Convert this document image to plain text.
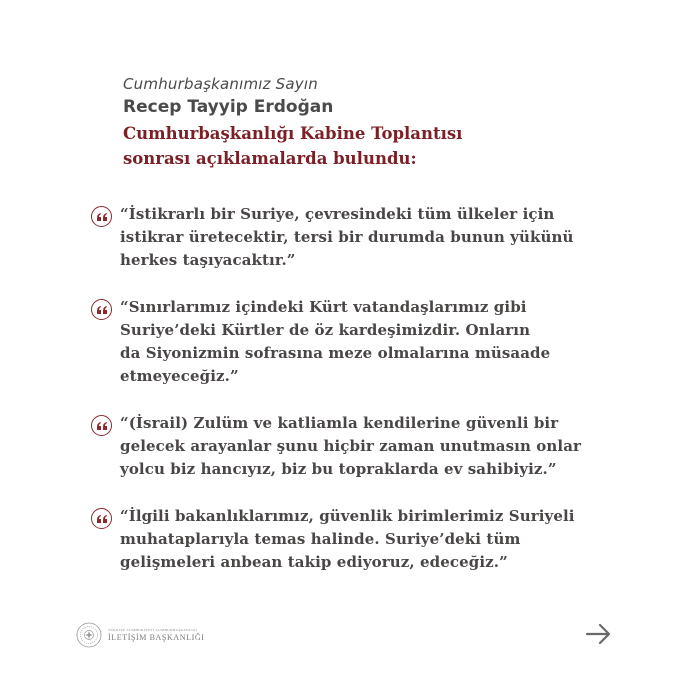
Cumhurbaşkanımız Sayın
Recep Tayyip Erdoğan
Cumhurbaşkanlığı Kabine Toplantısı sonrası açıklamalarda bulundu:
“İstikrarlı bir Suriye, çevresindeki tüm ülkeler için
istikrar üretecektir, tersi bir durumda bunun yükünü
herkes taşıyacaktır.”
“Sınırlarımız içindeki Kürt vatandaşlarımız gibi
Suriye’deki Kürtler de öz kardeşimizdir. Onların
da Siyonizmin sofrasına meze olmalarına müsaade
etmeyeceğiz.”
“(İsrail) Zulüm ve katliamla kendilerine güvenli bir
gelecek arayanlar şunu hiçbir zaman unutmasın onlar
yolcu biz hancıyız, biz bu topraklarda ev sahibiyiz.”
“İlgili bakanlıklarımız, güvenlik birimlerimiz Suriyeli
muhataplarıyla temas halinde. Suriye’deki tüm
gelişmeleri anbean takip ediyoruz, edeceğiz.”
TÜRKİYE CUMHURİYETİ CUMHURBAŞKANLIĞI
İLETİŞİM BAŞKANLIĞI
